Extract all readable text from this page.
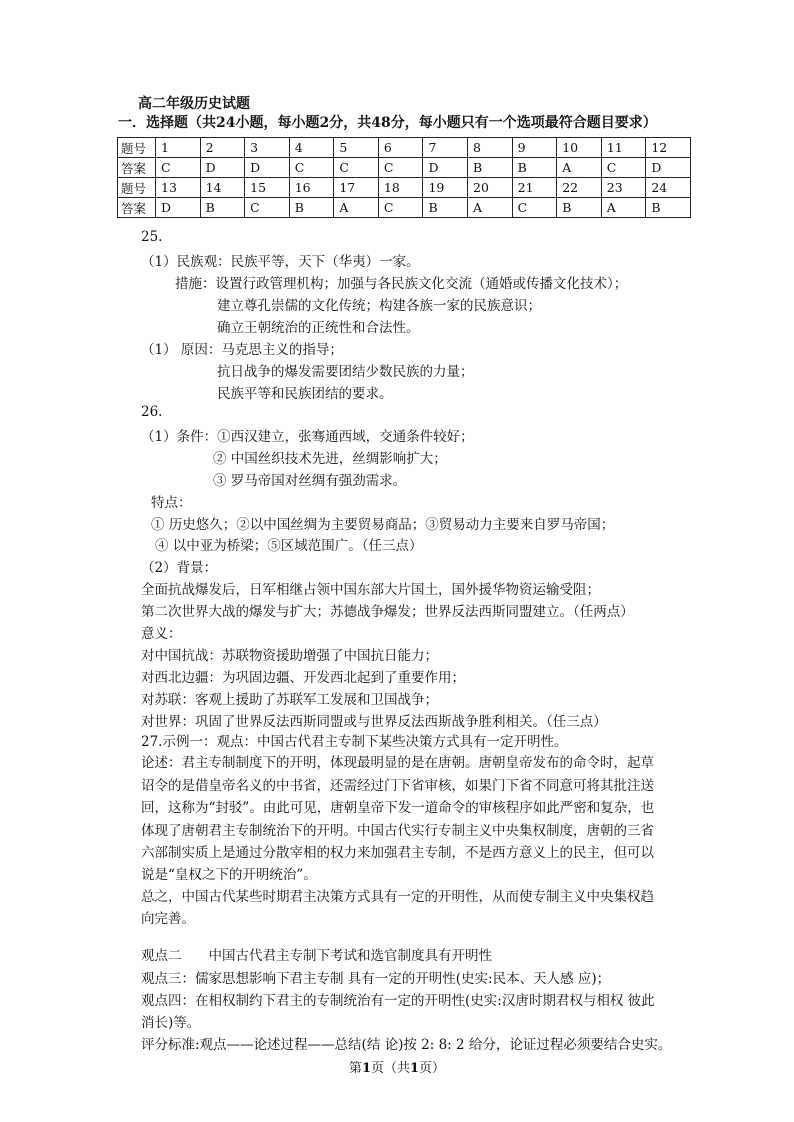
高二年级历史试题
一．选择题（共24小题，每小题2分，共48分，每小题只有一个选项最符合题目要求）
题号	1	2	3	4	5	6	7	8	9	10	11	12
答案	C	D	D	C	C	C	D	B	B	A	C	D
题号	13	14	15	16	17	18	19	20	21	22	23	24
答案	D	B	C	B	A	C	B	A	C	B	A	B
25.
（1）民族观：民族平等，天下（华夷）一家。
措施：设置行政管理机构；加强与各民族文化交流（通婚或传播文化技术）；
建立尊孔崇儒的文化传统；构建各族一家的民族意识；
确立王朝统治的正统性和合法性。
（1） 原因：马克思主义的指导；
抗日战争的爆发需要团结少数民族的力量；
民族平等和民族团结的要求。
26.
（1）条件：①西汉建立，张骞通西域，交通条件较好；
② 中国丝织技术先进，丝绸影响扩大；
③ 罗马帝国对丝绸有强劲需求。
特点：
① 历史悠久；②以中国丝绸为主要贸易商品；③贸易动力主要来自罗马帝国；
④ 以中亚为桥梁；⑤区域范围广。（任三点）
（2）背景：
全面抗战爆发后，日军相继占领中国东部大片国土，国外援华物资运输受阻；
第二次世界大战的爆发与扩大；苏德战争爆发；世界反法西斯同盟建立。（任两点）
意义：
对中国抗战：苏联物资援助增强了中国抗日能力；
对西北边疆：为巩固边疆、开发西北起到了重要作用；
对苏联：客观上援助了苏联军工发展和卫国战争；
对世界：巩固了世界反法西斯同盟或与世界反法西斯战争胜利相关。（任三点）
27.示例一：观点：中国古代君主专制下某些决策方式具有一定开明性。
论述：君主专制制度下的开明，体现最明显的是在唐朝。唐朝皇帝发布的命令时，起草
诏令的是借皇帝名义的中书省，还需经过门下省审核，如果门下省不同意可将其批注送
回，这称为“封驳”。由此可见，唐朝皇帝下发一道命令的审核程序如此严密和复杂，也
体现了唐朝君主专制统治下的开明。中国古代实行专制主义中央集权制度，唐朝的三省
六部制实质上是通过分散宰相的权力来加强君主专制，不是西方意义上的民主，但可以
说是“皇权之下的开明统治”。
总之，中国古代某些时期君主决策方式具有一定的开明性，从而使专制主义中央集权趋
向完善。
观点二　　中国古代君主专制下考试和选官制度具有开明性
观点三：儒家思想影响下君主专制 具有一定的开明性(史实:民本、天人感 应)；
观点四：在相权制约下君主的专制统治有一定的开明性(史实:汉唐时期君权与相权 彼此
消长)等。
评分标准:观点——论述过程——总结(结 论)按 2: 8: 2 给分，论证过程必须要结合史实。
第1页（共1页）
